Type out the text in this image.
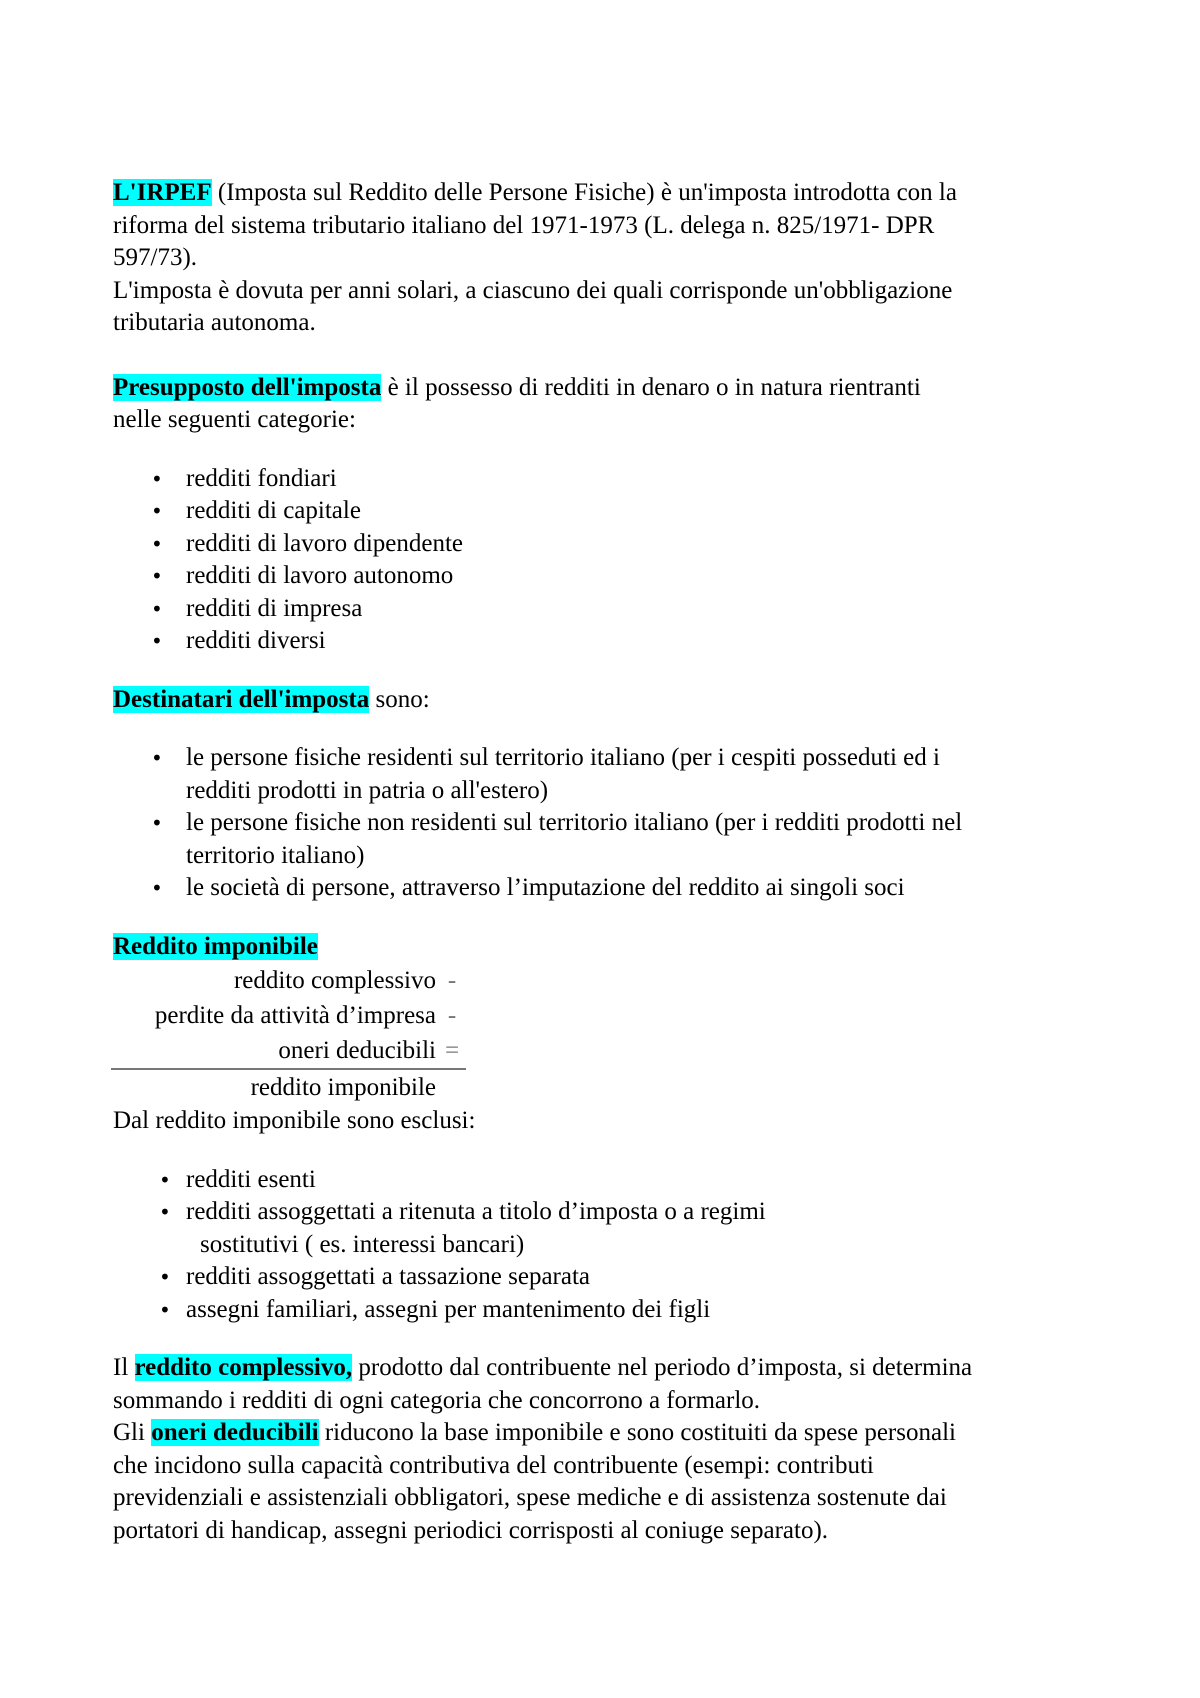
L'IRPEF (Imposta sul Reddito delle Persone Fisiche) è un'imposta introdotta con la
riforma del sistema tributario italiano del 1971-1973 (L. delega n. 825/1971- DPR
597/73).

L'imposta è dovuta per anni solari, a ciascuno dei quali corrisponde un'obbligazione
tributaria autonoma.

Presupposto dell'imposta è il possesso di redditi in denaro o in natura rientranti
nelle seguenti categorie:

• redditi fondiari
• redditi di capitale
• redditi di lavoro dipendente
• redditi di lavoro autonomo
• redditi di impresa
• redditi diversi

Destinatari dell'imposta sono:

• le persone fisiche residenti sul territorio italiano (per i cespiti posseduti ed i
redditi prodotti in patria o all'estero)
• le persone fisiche non residenti sul territorio italiano (per i redditi prodotti nel
territorio italiano)
• le società di persone, attraverso l’imputazione del reddito ai singoli soci

Reddito imponibile

reddito complessivo -
perdite da attività d’impresa -
oneri deducibili =
reddito imponibile

Dal reddito imponibile sono esclusi:

• redditi esenti
• redditi assoggettati a ritenuta a titolo d’imposta o a regimi
sostitutivi ( es. interessi bancari)
• redditi assoggettati a tassazione separata
• assegni familiari, assegni per mantenimento dei figli

Il reddito complessivo, prodotto dal contribuente nel periodo d’imposta, si determina
sommando i redditi di ogni categoria che concorrono a formarlo.

Gli oneri deducibili riducono la base imponibile e sono costituiti da spese personali
che incidono sulla capacità contributiva del contribuente (esempi: contributi
previdenziali e assistenziali obbligatori, spese mediche e di assistenza sostenute dai
portatori di handicap, assegni periodici corrisposti al coniuge separato).
